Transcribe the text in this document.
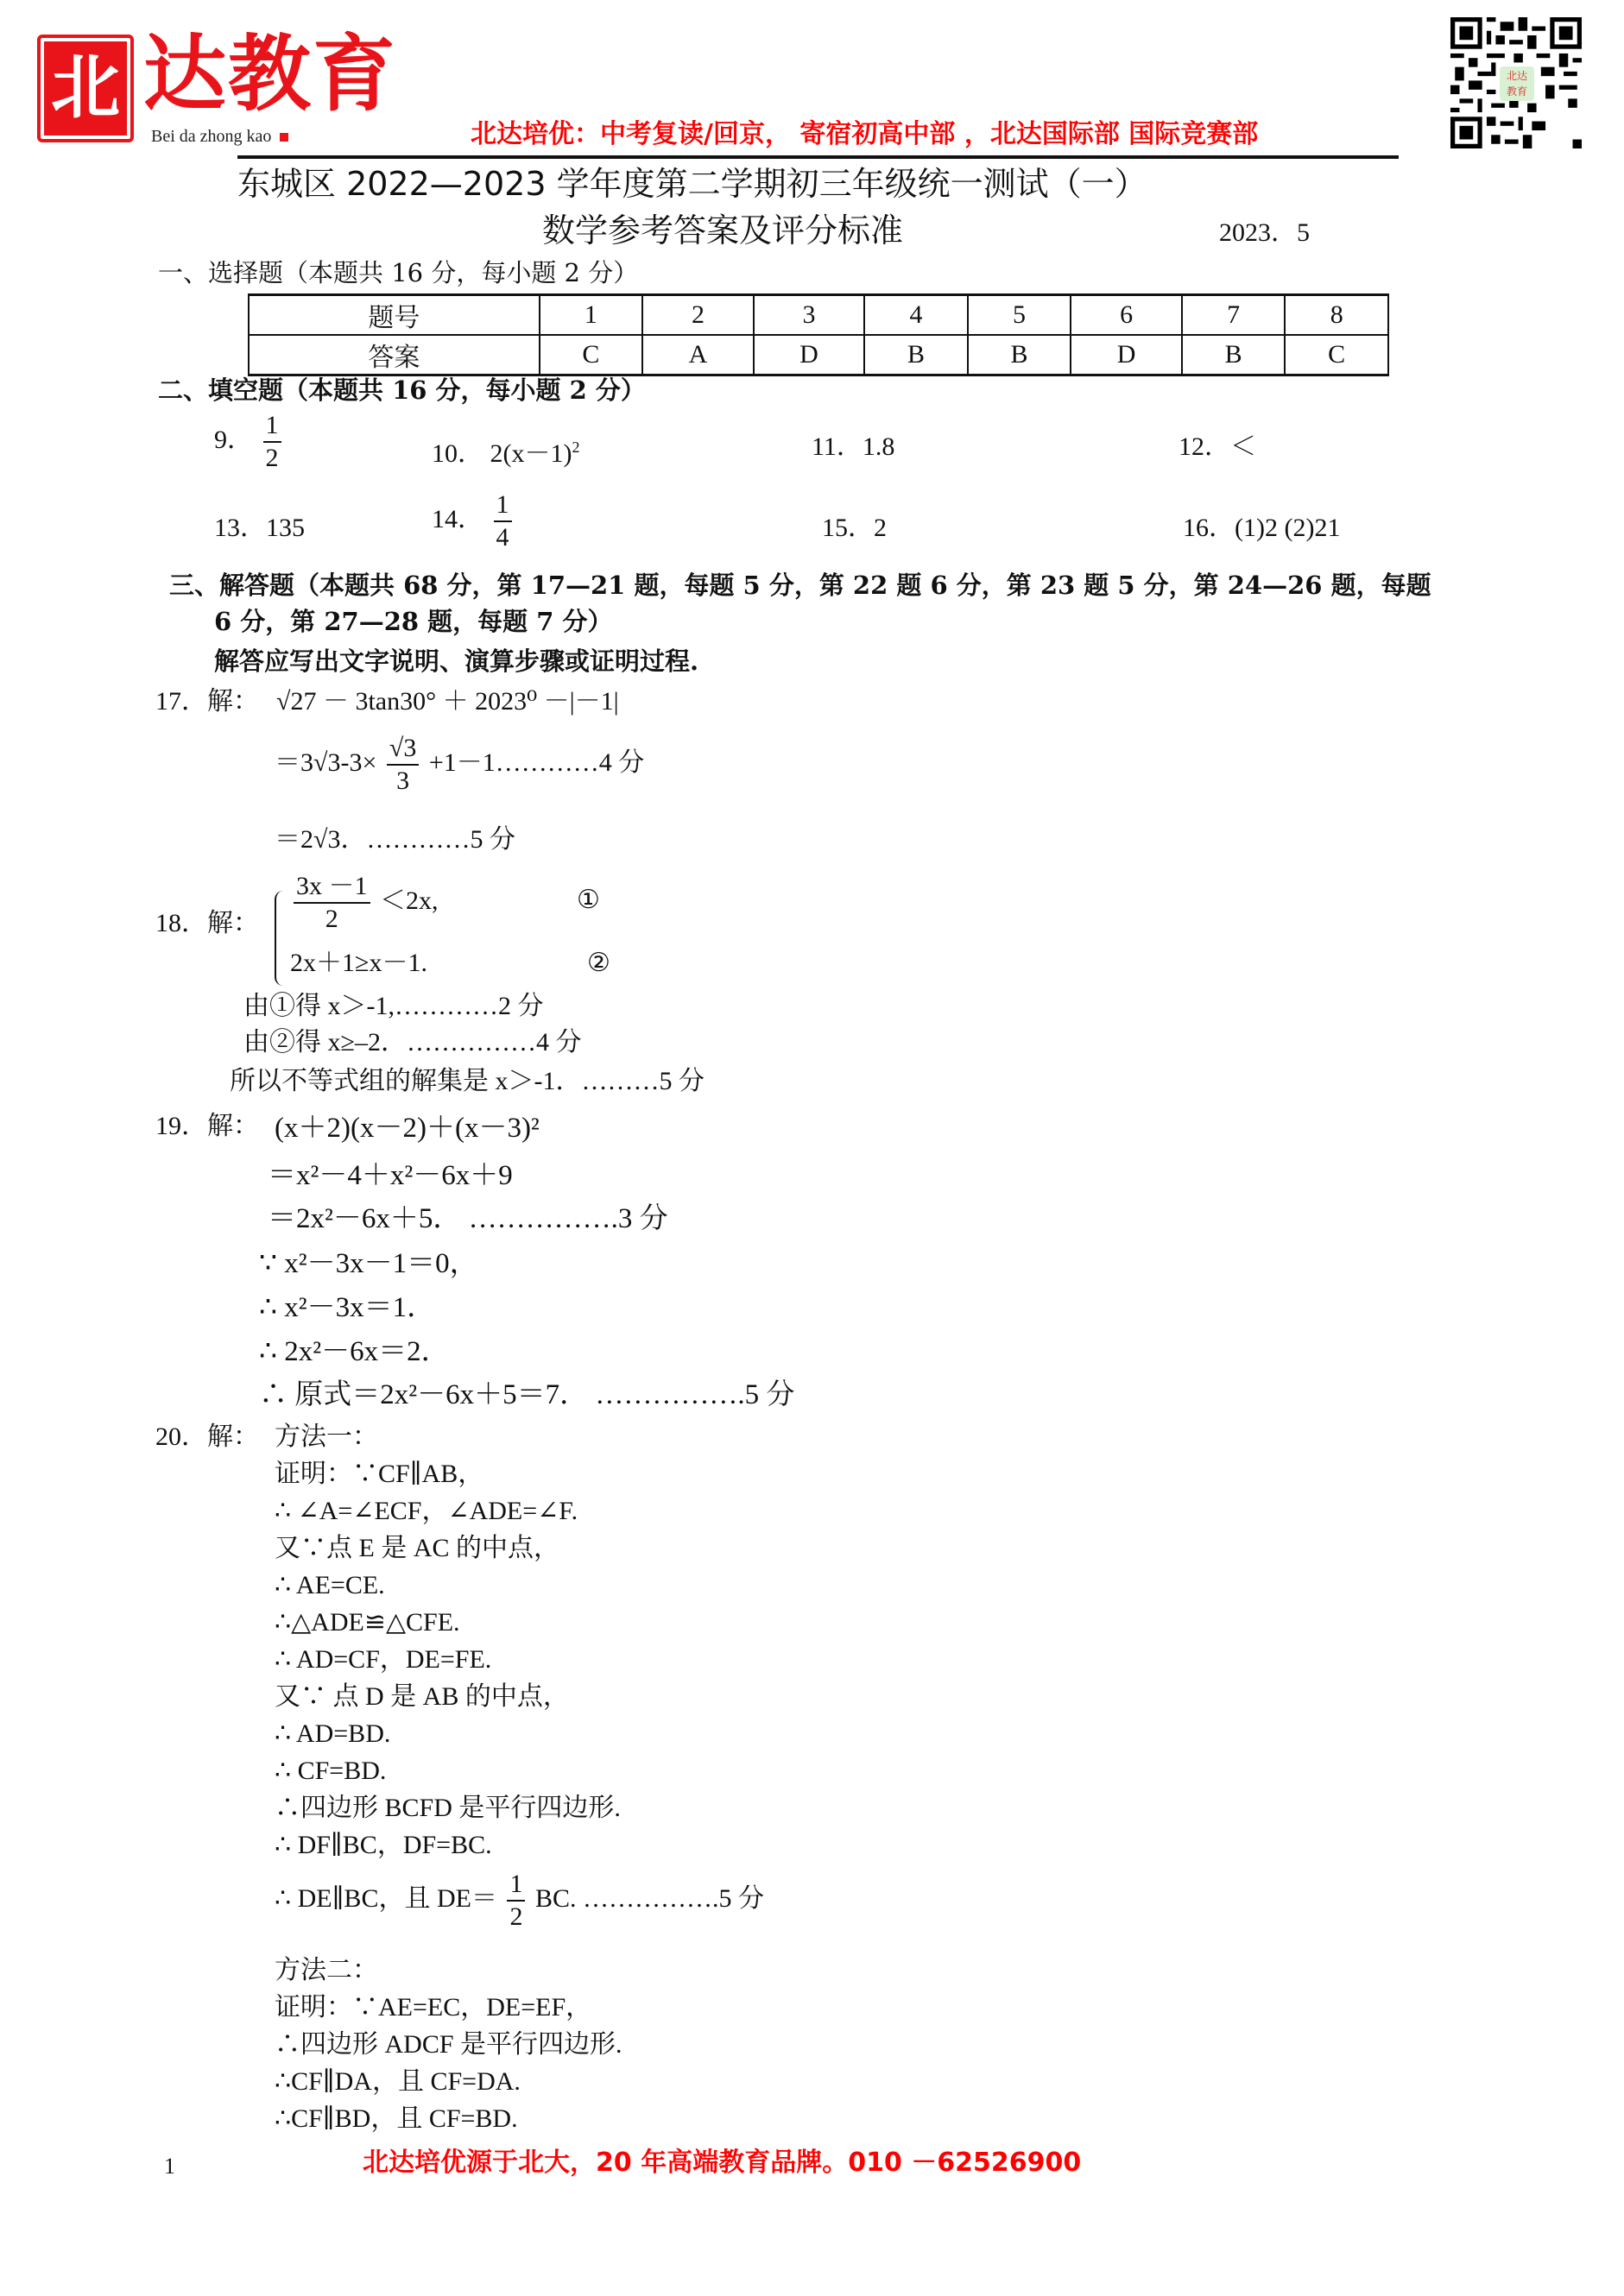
北 达教育
Bei da zhong kao	北达培优：中考复读/回京， 寄宿初高中部 ，北达国际部 国际竞赛部
北达
教育
东城区 2022—2023 学年度第二学期初三年级统一测试（一）
数学参考答案及评分标准	2023．5
一、选择题（本题共 16 分，每小题 2 分）
题号	1	2	3	4	5	6	7	8
答案	C	A	D	B	B	D	B	C
二、填空题（本题共 16 分，每小题 2 分）
9． $\frac{1}{2}$	10． $2(x-1)^2$	11．1.8	12．＜
13．135	14． $\frac{1}{4}$	15．2	16．(1)2 (2)21
三、解答题（本题共 68 分，第 17—21 题，每题 5 分，第 22 题 6 分，第 23 题 5 分，第 24—26 题，每题
6 分，第 27—28 题，每题 7 分）
解答应写出文字说明、演算步骤或证明过程.
17．解： √27 － 3tan30° ＋ 2023⁰ －|－1|
$=3√3-3\times \frac{√3}{3}$ +1－1…………4 分
＝2√3．…………5 分
18．解： $\frac{3x -1}{2} <2x$,	①
2x＋1≥x－1.	②
由①得 x＞-1,…………2 分
由②得 x≥–2．……………4 分
所以不等式组的解集是 x＞-1．………5 分
19．解： (x＋2)(x－2)＋(x－3)²
＝x²－4＋x²－6x＋9
＝2x²－6x＋5． …………….3 分
∵ x²－3x－1＝0，
∴ x²－3x＝1．
∴ 2x²－6x＝2．
∴ 原式＝2x²－6x＋5＝7． …………….5 分
20．解： 方法一：
证明：∵CF∥AB，
∴ ∠A=∠ECF，∠ADE=∠F.
又∵点 E 是 AC 的中点，
∴ AE=CE.
∴△ADE≌△CFE.
∴ AD=CF，DE=FE.
又∵ 点 D 是 AB 的中点，
∴ AD=BD.
∴ CF=BD.
∴四边形 BCFD 是平行四边形.
∴ DF∥BC，DF=BC.
∴ DE∥BC，且 $DE= \frac{1}{2}$ BC. …………….5 分
方法二：
证明：∵AE=EC，DE=EF，
∴四边形 ADCF 是平行四边形.
∴CF∥DA，且 CF=DA.
∴CF∥BD，且 CF=BD.
1	北达培优源于北大，20 年高端教育品牌。010 －62526900
